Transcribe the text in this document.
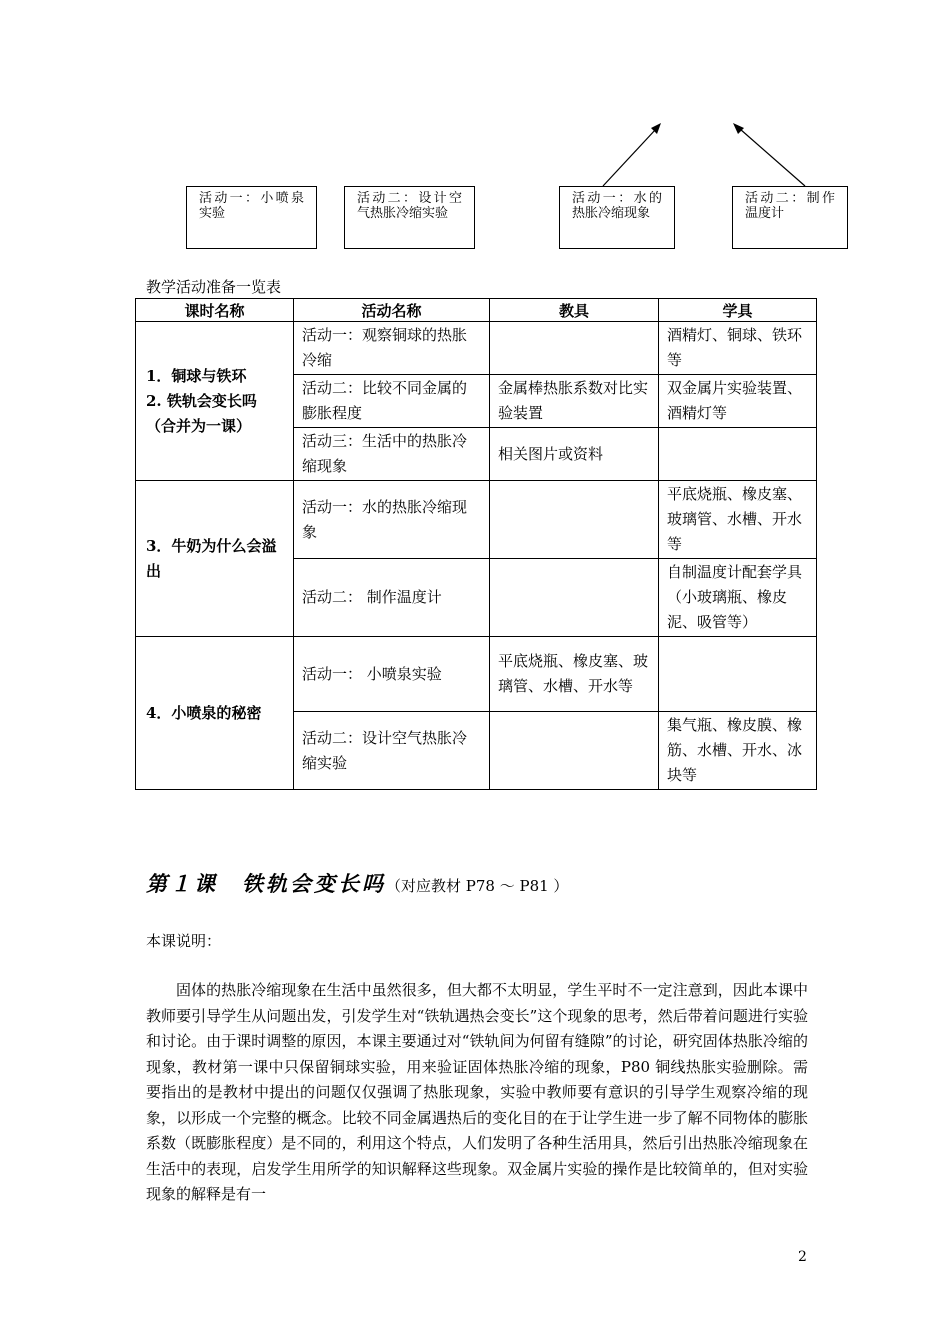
活动一：小喷泉
实验
活动二：设计空
气热胀冷缩实验
活动一：水的
热胀冷缩现象
活动二：制作
温度计
教学活动准备一览表
课时名称	活动名称	教具	学具

1．铜球与铁环
2. 铁轨会变长吗
（合并为一课）	活动一：观察铜球的热胀冷缩		酒精灯、铜球、铁环等
	活动二：比较不同金属的膨胀程度	金属棒热胀系数对比实验装置	双金属片实验装置、酒精灯等
	活动三：生活中的热胀冷缩现象	相关图片或资料	

3．牛奶为什么会溢出	活动一：水的热胀冷缩现象		平底烧瓶、橡皮塞、玻璃管、水槽、开水等
	活动二： 制作温度计		自制温度计配套学具（小玻璃瓶、橡皮泥、吸管等）

4．小喷泉的秘密	活动一： 小喷泉实验	平底烧瓶、橡皮塞、玻璃管、水槽、开水等	
	活动二：设计空气热胀冷缩实验		集气瓶、橡皮膜、橡筋、水槽、开水、冰块等
第１课　铁轨会变长吗（对应教材 P78 ～ P81 ）
本课说明：

固体的热胀冷缩现象在生活中虽然很多，但大都不太明显，学生平时不一定注意到，因此本课中教师要引导学生从问题出发，引发学生对“铁轨遇热会变长”这个现象的思考，然后带着问题进行实验和讨论。由于课时调整的原因，本课主要通过对“铁轨间为何留有缝隙”的讨论，研究固体热胀冷缩的现象，教材第一课中只保留铜球实验，用来验证固体热胀冷缩的现象，P80 铜线热胀实验删除。需要指出的是教材中提出的问题仅仅强调了热胀现象，实验中教师要有意识的引导学生观察冷缩的现象，以形成一个完整的概念。比较不同金属遇热后的变化目的在于让学生进一步了解不同物体的膨胀系数（既膨胀程度）是不同的，利用这个特点，人们发明了各种生活用具，然后引出热胀冷缩现象在生活中的表现，启发学生用所学的知识解释这些现象。双金属片实验的操作是比较简单的，但对实验现象的解释是有一

2
